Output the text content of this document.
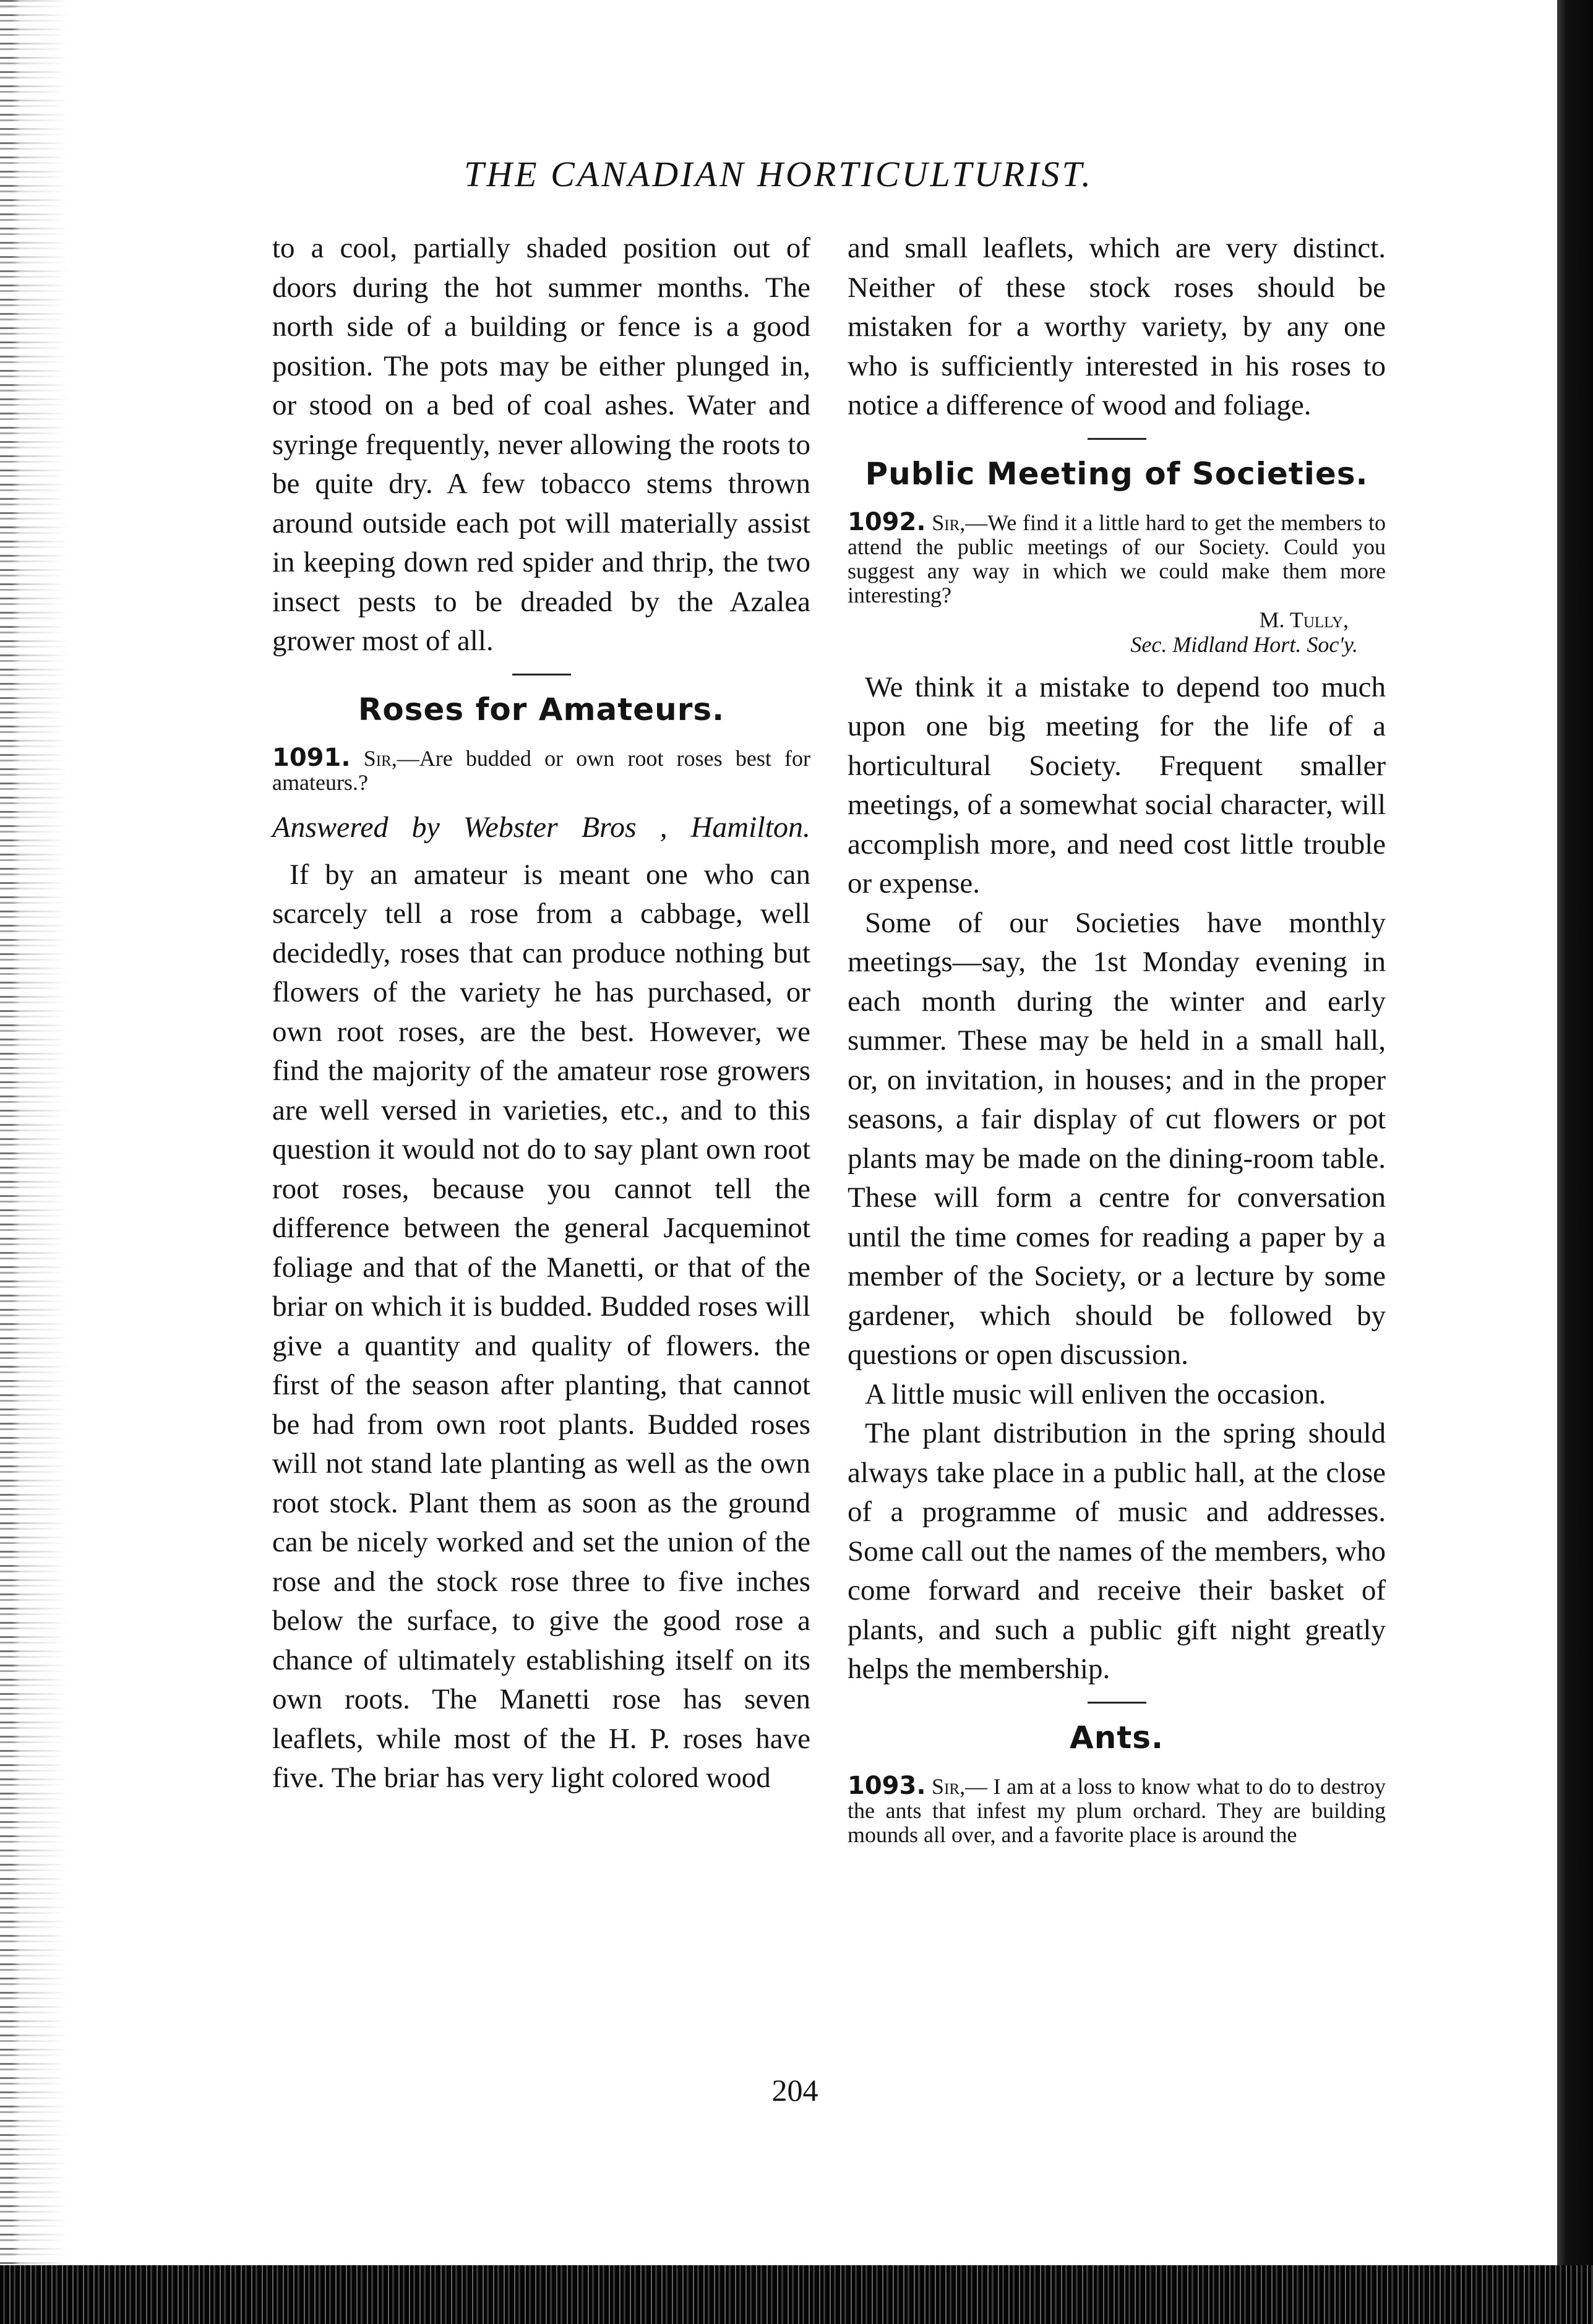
THE CANADIAN HORTICULTURIST.

to a cool, partially shaded position out of doors during the hot summer months. The north side of a building or fence is a good position. The pots may be either plunged in, or stood on a bed of coal ashes. Water and syringe frequently, never allowing the roots to be quite dry. A few tobacco stems thrown around outside each pot will materially assist in keeping down red spider and thrip, the two insect pests to be dreaded by the Azalea grower most of all.

Roses for Amateurs.

1091. Sir,—Are budded or own root roses best for amateurs.?

Answered by Webster Bros , Hamilton.

If by an amateur is meant one who can scarcely tell a rose from a cabbage, well decidedly, roses that can produce nothing but flowers of the variety he has purchased, or own root roses, are the best. However, we find the majority of the amateur rose growers are well versed in varieties, etc., and to this question it would not do to say plant own root root roses, because you cannot tell the difference between the general Jacqueminot foliage and that of the Manetti, or that of the briar on which it is budded. Budded roses will give a quantity and quality of flowers. the first of the season after planting, that cannot be had from own root plants. Budded roses will not stand late planting as well as the own root stock. Plant them as soon as the ground can be nicely worked and set the union of the rose and the stock rose three to five inches below the surface, to give the good rose a chance of ultimately establishing itself on its own roots. The Manetti rose has seven leaflets, while most of the H. P. roses have five. The briar has very light colored wood

and small leaflets, which are very distinct. Neither of these stock roses should be mistaken for a worthy variety, by any one who is sufficiently interested in his roses to notice a difference of wood and foliage.

Public Meeting of Societies.

1092. Sir,—We find it a little hard to get the members to attend the public meetings of our Society. Could you suggest any way in which we could make them more interesting?

M. Tully,
Sec. Midland Hort. Soc'y.

We think it a mistake to depend too much upon one big meeting for the life of a horticultural Society. Frequent smaller meetings, of a somewhat social character, will accomplish more, and need cost little trouble or expense.

Some of our Societies have monthly meetings—say, the 1st Monday evening in each month during the winter and early summer. These may be held in a small hall, or, on invitation, in houses; and in the proper seasons, a fair display of cut flowers or pot plants may be made on the dining-room table. These will form a centre for conversation until the time comes for reading a paper by a member of the Society, or a lecture by some gardener, which should be followed by questions or open discussion.

A little music will enliven the occasion.

The plant distribution in the spring should always take place in a public hall, at the close of a programme of music and addresses. Some call out the names of the members, who come forward and receive their basket of plants, and such a public gift night greatly helps the membership.

Ants.

1093. Sir,— I am at a loss to know what to do to destroy the ants that infest my plum orchard. They are building mounds all over, and a favorite place is around the

204
